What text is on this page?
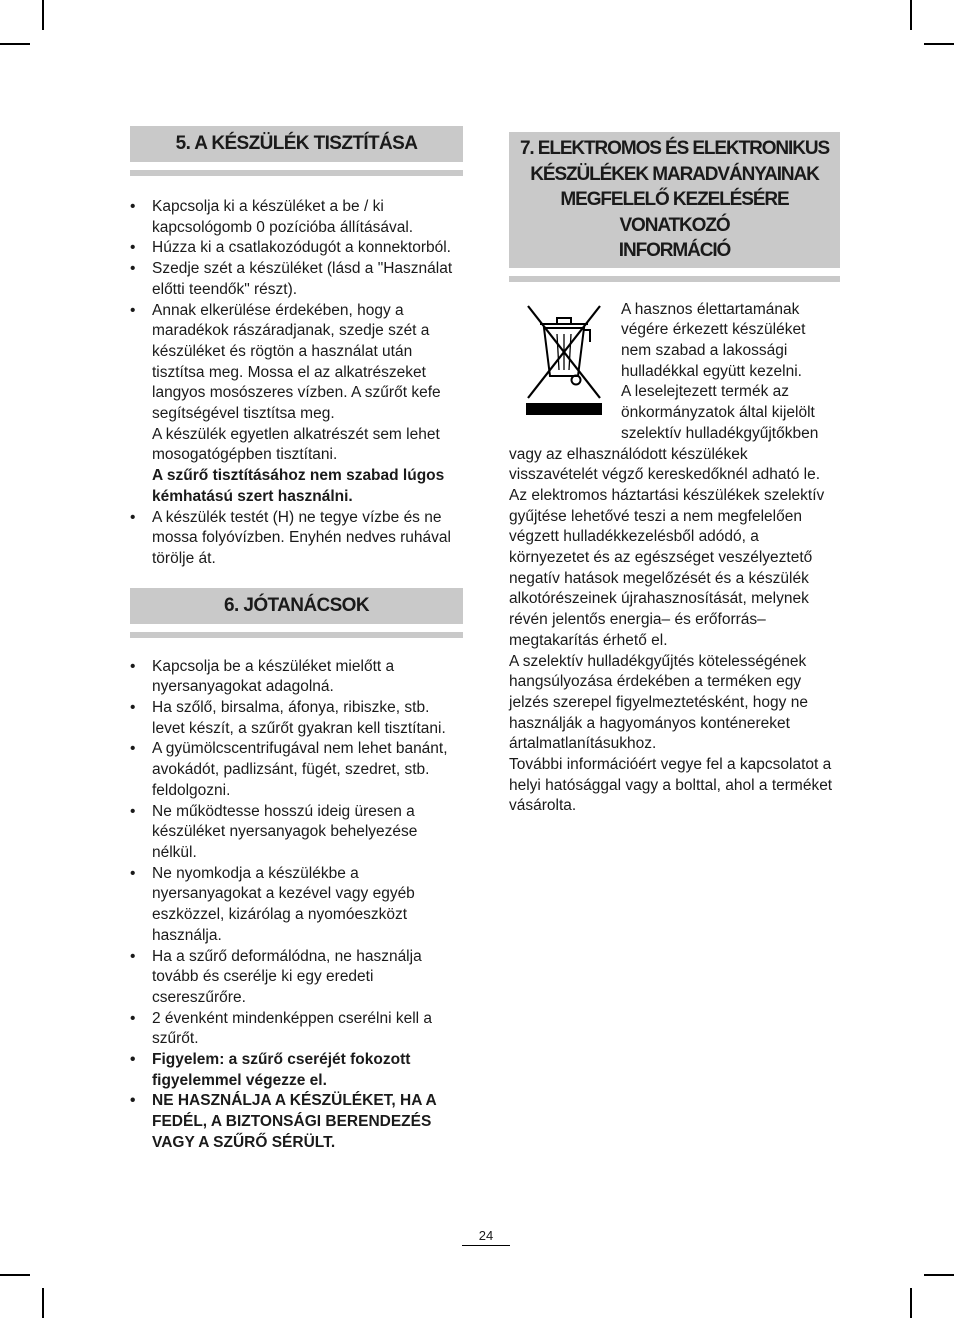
5. A KÉSZÜLÉK TISZTÍTÁSA
• Kapcsolja ki a készüléket a be / ki kapcsológomb 0 pozícióba állításával.
• Húzza ki a csatlakozódugót a konnektorból.
• Szedje szét a készüléket (lásd a "Használat előtti teendők" részt).
• Annak elkerülése érdekében, hogy a maradékok rászáradjanak, szedje szét a készüléket és rögtön a használat után tisztítsa meg. Mossa el az alkatrészeket langyos mosószeres vízben. A szűrőt kefe segítségével tisztítsa meg.
A készülék egyetlen alkatrészét sem lehet mosogatógépben tisztítani.
A szűrő tisztításához nem szabad lúgos kémhatású szert használni.
• A készülék testét (H) ne tegye vízbe és ne mossa folyóvízben. Enyhén nedves ruhával törölje át.
6. JÓTANÁCSOK
• Kapcsolja be a készüléket mielőtt a nyersanyagokat adagolná.
• Ha szőlő, birsalma, áfonya, ribiszke, stb. levet készít, a szűrőt gyakran kell tisztítani.
• A gyümölcscentrifugával nem lehet banánt, avokádót, padlizsánt, fügét, szedret, stb. feldolgozni.
• Ne működtesse hosszú ideig üresen a készüléket nyersanyagok behelyezése nélkül.
• Ne nyomkodja a készülékbe a nyersanyagokat a kezével vagy egyéb eszközzel, kizárólag a nyomóeszközt használja.
• Ha a szűrő deformálódna, ne használja tovább és cserélje ki egy eredeti csereszűrőre.
• 2 évenként mindenképpen cserélni kell a szűrőt.
• Figyelem: a szűrő cseréjét fokozott figyelemmel végezze el.
• NE HASZNÁLJA A KÉSZÜLÉKET, HA A FEDÉL, A BIZTONSÁGI BERENDEZÉS VAGY A SZŰRŐ SÉRÜLT.
7. ELEKTROMOS ÉS ELEKTRONIKUS
KÉSZÜLÉKEK MARADVÁNYAINAK
MEGFELELŐ KEZELÉSÉRE VONATKOZÓ
INFORMÁCIÓ
A hasznos élettartamának
végére érkezett készüléket
nem szabad a lakossági
hulladékkal együtt kezelni.
A leselejtezett termék az
önkormányzatok által kijelölt
szelektív hulladékgyűjtőkben
vagy az elhasználódott készülékek visszavételét végző kereskedőknél adható le. Az elektromos háztartási készülékek szelektív gyűjtése lehetővé teszi a nem megfelelően végzett hulladékkezelésből adódó, a környezetet és az egészséget veszélyeztető negatív hatások megelőzését és a készülék alkotórészeinek újrahasznosítását, melynek révén jelentős energia– és erőforrás– megtakarítás érhető el.
A szelektív hulladékgyűjtés kötelességének hangsúlyozása érdekében a terméken egy jelzés szerepel figyelmeztetésként, hogy ne használják a hagyományos konténereket ártalmatlanításukhoz.
További információért vegye fel a kapcsolatot a helyi hatósággal vagy a bolttal, ahol a terméket vásárolta.
24
